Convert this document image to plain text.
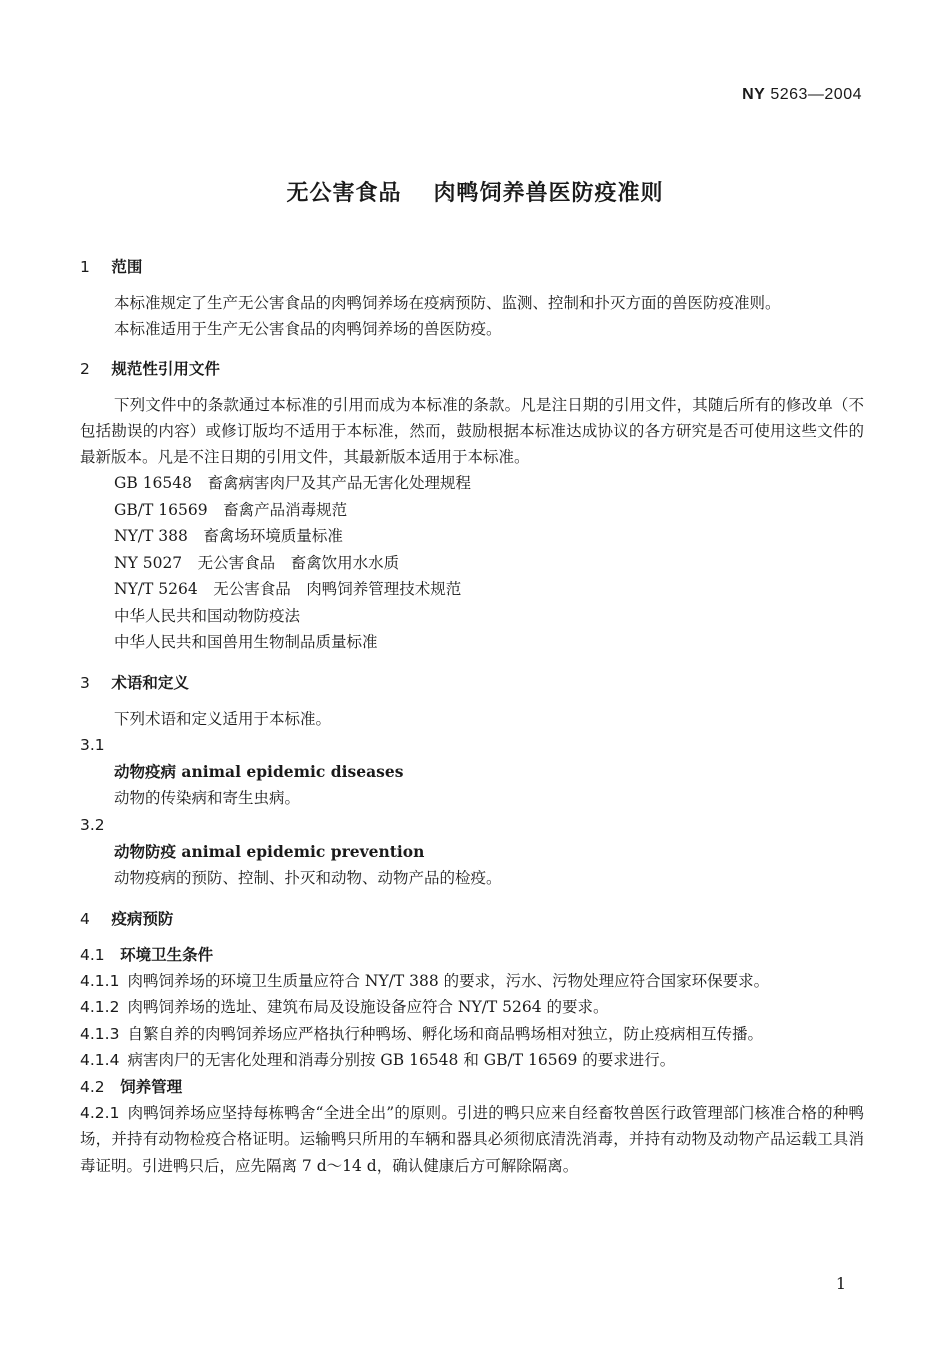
NY 5263—2004
无公害食品 肉鸭饲养兽医防疫准则

1 范围

本标准规定了生产无公害食品的肉鸭饲养场在疫病预防、监测、控制和扑灭方面的兽医防疫准则。

本标准适用于生产无公害食品的肉鸭饲养场的兽医防疫。

2 规范性引用文件

下列文件中的条款通过本标准的引用而成为本标准的条款。凡是注日期的引用文件，其随后所有的修改单（不包括勘误的内容）或修订版均不适用于本标准，然而，鼓励根据本标准达成协议的各方研究是否可使用这些文件的最新版本。凡是不注日期的引用文件，其最新版本适用于本标准。

GB 16548　畜禽病害肉尸及其产品无害化处理规程

GB/T 16569　畜禽产品消毒规范

NY/T 388　畜禽场环境质量标准

NY 5027　无公害食品　畜禽饮用水水质

NY/T 5264　无公害食品　肉鸭饲养管理技术规范

中华人民共和国动物防疫法

中华人民共和国兽用生物制品质量标准

3 术语和定义

下列术语和定义适用于本标准。

3.1

动物疫病 animal epidemic diseases

动物的传染病和寄生虫病。

3.2

动物防疫 animal epidemic prevention

动物疫病的预防、控制、扑灭和动物、动物产品的检疫。

4 疫病预防

4.1 环境卫生条件

4.1.1 肉鸭饲养场的环境卫生质量应符合 NY/T 388 的要求，污水、污物处理应符合国家环保要求。

4.1.2 肉鸭饲养场的选址、建筑布局及设施设备应符合 NY/T 5264 的要求。

4.1.3 自繁自养的肉鸭饲养场应严格执行种鸭场、孵化场和商品鸭场相对独立，防止疫病相互传播。

4.1.4 病害肉尸的无害化处理和消毒分别按 GB 16548 和 GB/T 16569 的要求进行。

4.2 饲养管理

4.2.1 肉鸭饲养场应坚持每栋鸭舍“全进全出”的原则。引进的鸭只应来自经畜牧兽医行政管理部门核准合格的种鸭场，并持有动物检疫合格证明。运输鸭只所用的车辆和器具必须彻底清洗消毒，并持有动物及动物产品运载工具消毒证明。引进鸭只后，应先隔离 7 d～14 d，确认健康后方可解除隔离。

1
